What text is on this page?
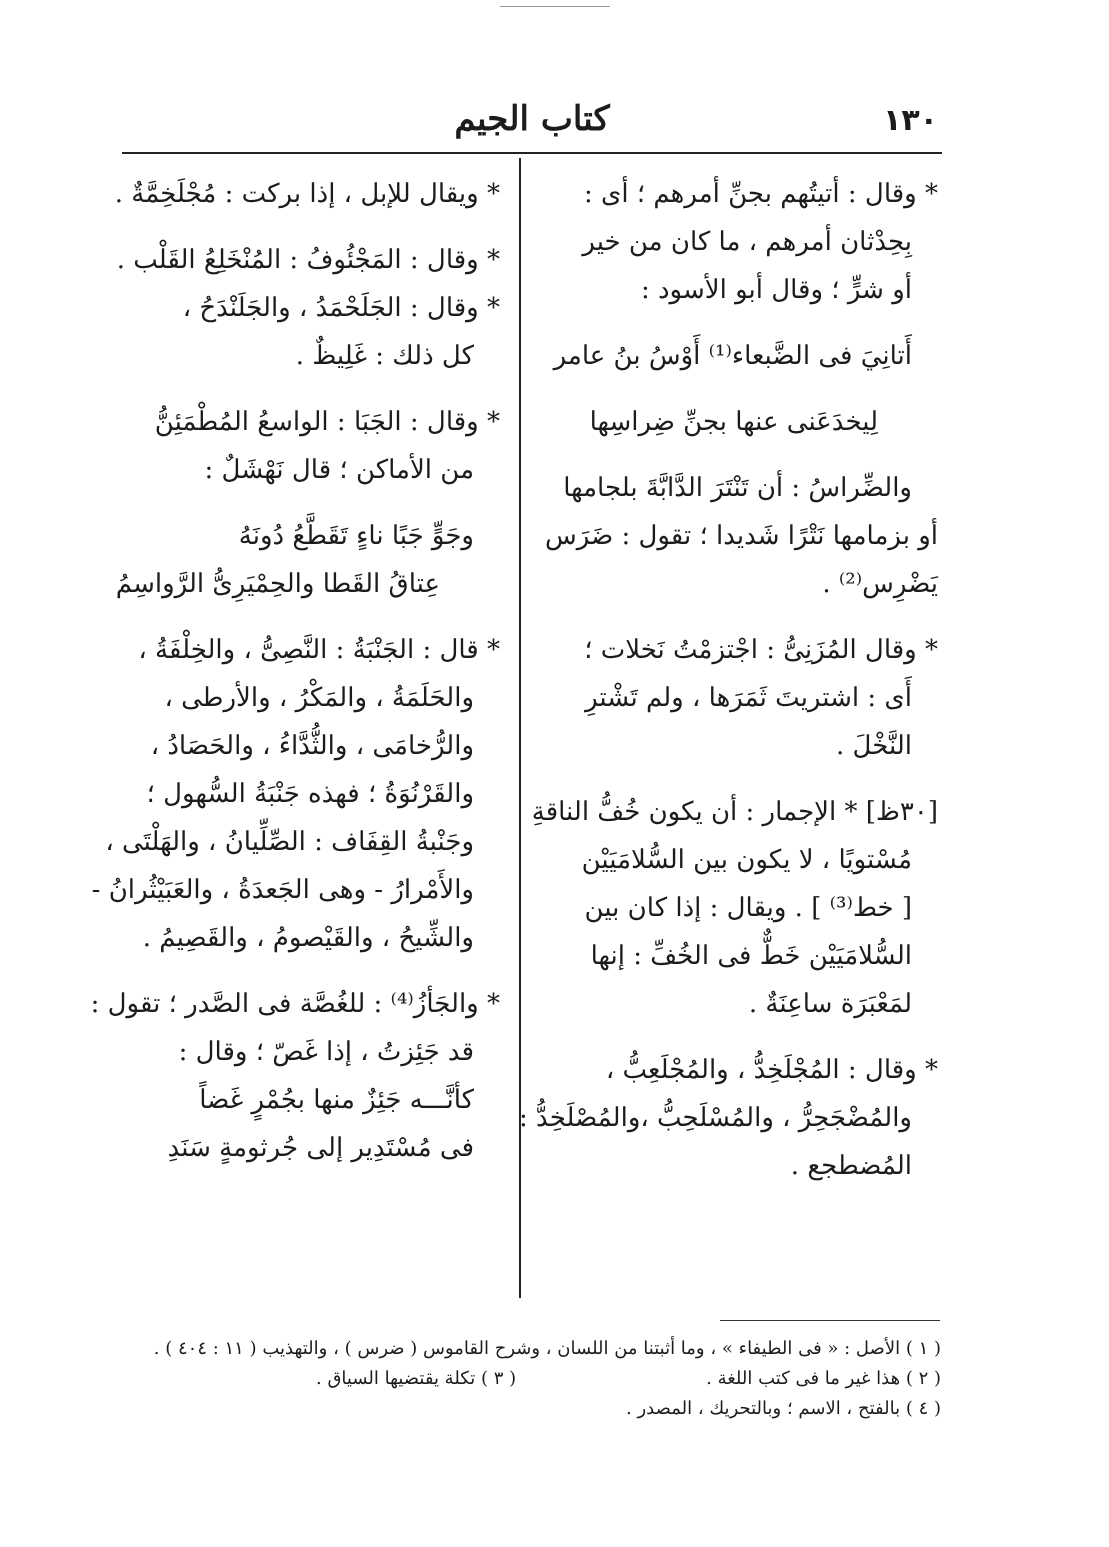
١٣٠
كتاب الجيم
* وقال : أتيتُهم بجنِّ أمرهم ؛ أى :
بِحِدْثان أمرهم ، ما كان من خير
أو شرٍّ ؛ وقال أبو الأسود :
أَتانِيَ فى الضَّبعاء⁽¹⁾ أَوْسُ بنُ عامر
لِيخدَعَنى عنها بجنِّ ضِراسِها
والضِّراسُ : أن تَنْتَرَ الدَّابَّةَ بلجامها
أو بزمامها نَتْرًا شَديدا ؛ تقول : ضَرَس
يَضْرِس⁽²⁾ .
* وقال المُزَنِىُّ : اجْتزمْتُ نَخلات ؛
أَى : اشتريتَ ثَمَرَها ، ولم تَشْترِ
النَّخْلَ .
[٣٠ظ] * الإجمار : أن يكون خُفُّ الناقةِ
مُسْتويًا ، لا يكون بين السُّلامَيَيْن
[ خط⁽³⁾ ] . ويقال : إذا كان بين
السُّلامَيَيْن خَطٌّ فى الخُفِّ : إنها
لمَعْبَرَة ساعِنَةٌ .
* وقال : المُجْلَخِدُّ ، والمُجْلَعِبُّ ،
والمُضْجَحِرُّ ، والمُسْلَحِبُّ ،والمُصْلَخِدُّ :
المُضطجع .
* ويقال للإبل ، إذا بركت : مُجْلَخِمَّةٌ .
* وقال : المَجْئُوفُ : المُنْخَلِعُ القَلْب .
* وقال : الجَلَحْمَدُ ، والجَلَنْدَحُ ،
كل ذلك : غَلِيظٌ .
* وقال : الجَبَا : الواسعُ المُطْمَئِنُّ
من الأماكن ؛ قال نَهْشَلٌ :
وجَوٍّ جَبًا ناءٍ تَقَطَّعُ دُونَهُ
عِتاقُ القَطا والحِمْيَرِىُّ الرَّواسِمُ
* قال : الجَنْبَةُ : النَّصِىُّ ، والخِلْفَةُ ،
والحَلَمَةُ ، والمَكْرُ ، والأرطى ،
والرُّخامَى ، والثُّدَّاءُ ، والحَصَادُ ،
والقَرْنُوَةُ ؛ فهذه جَنْبَةُ السُّهول ؛
وجَنْبةُ القِفَاف : الصِّلِّيانُ ، والهَلْتَى ،
والأَمْرارُ - وهى الجَعدَةُ ، والعَبَيْثُرانُ -
والشِّيحُ ، والقَيْصومُ ، والقَصِيمُ .
* والجَأزُ⁽⁴⁾ : للغُصَّة فى الصَّدر ؛ تقول :
قد جَئِزتُ ، إذا غَصّ ؛ وقال :
كأنَّـــه جَئِزٌ منها بجُمْرٍ غَضاً
فى مُسْتَدِير إلى جُرثومةٍ سَنَدِ
( ١ ) الأصل : « فى الطيفاء » ، وما أثبتنا من اللسان ، وشرح القاموس ( ضرس ) ، والتهذيب ( ١١ : ٤٠٤ ) .
( ٢ ) هذا غير ما فى كتب اللغة .
( ٣ ) تكلة يقتضيها السياق .
( ٤ ) بالفتح ، الاسم ؛ وبالتحريك ، المصدر .
